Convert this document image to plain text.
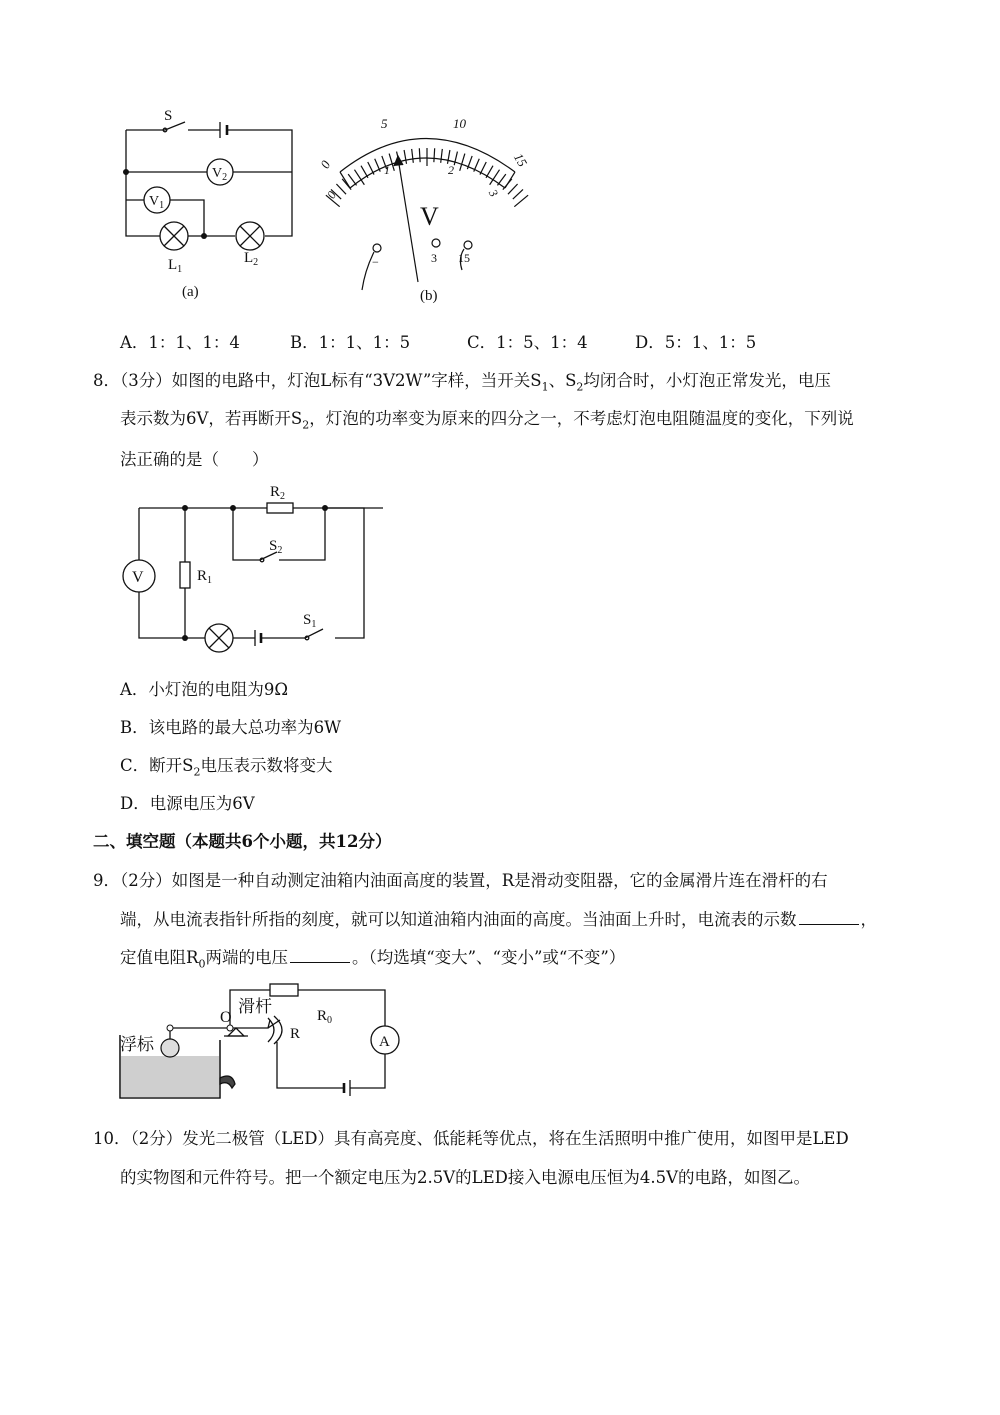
S
$V_2$
$V_1$
$L_1$
$L_2$
(a)
0
5	10
15
0
1	2
3
V
−	3 15
(b)
A．1：1、1：4	B．1：1、1：5	C．1：5、1：4	D．5：1、1：5
8．（3分）如图的电路中，灯泡L标有“3V2W”字样，当开关$S_1$、$S_2$均闭合时，小灯泡正常发光，电压
表示数为6V，若再断开$S_2$，灯泡的功率变为原来的四分之一，不考虑灯泡电阻随温度的变化，下列说
法正确的是（　　）
V
$R_2$
$S_2$
$R_1$
$S_1$
A．小灯泡的电阻为9Ω
B．该电路的最大总功率为6W
C．断开$S_2$电压表示数将变大
D．电源电压为6V
二、填空题（本题共6个小题，共12分）
9．（2分）如图是一种自动测定油箱内油面高度的装置，R是滑动变阻器，它的金属滑片连在滑杆的右
端，从电流表指针所指的刻度，就可以知道油箱内油面的高度。当油面上升时，电流表的示数	，
定值电阻$R_0$两端的电压	。（均选填“变大”、“变小”或“不变”）
浮标
O
滑杆	$R_0$
R	A
10．（2分）发光二极管（LED）具有高亮度、低能耗等优点，将在生活照明中推广使用，如图甲是LED
的实物图和元件符号。把一个额定电压为2.5V的LED接入电源电压恒为4.5V的电路，如图乙。
